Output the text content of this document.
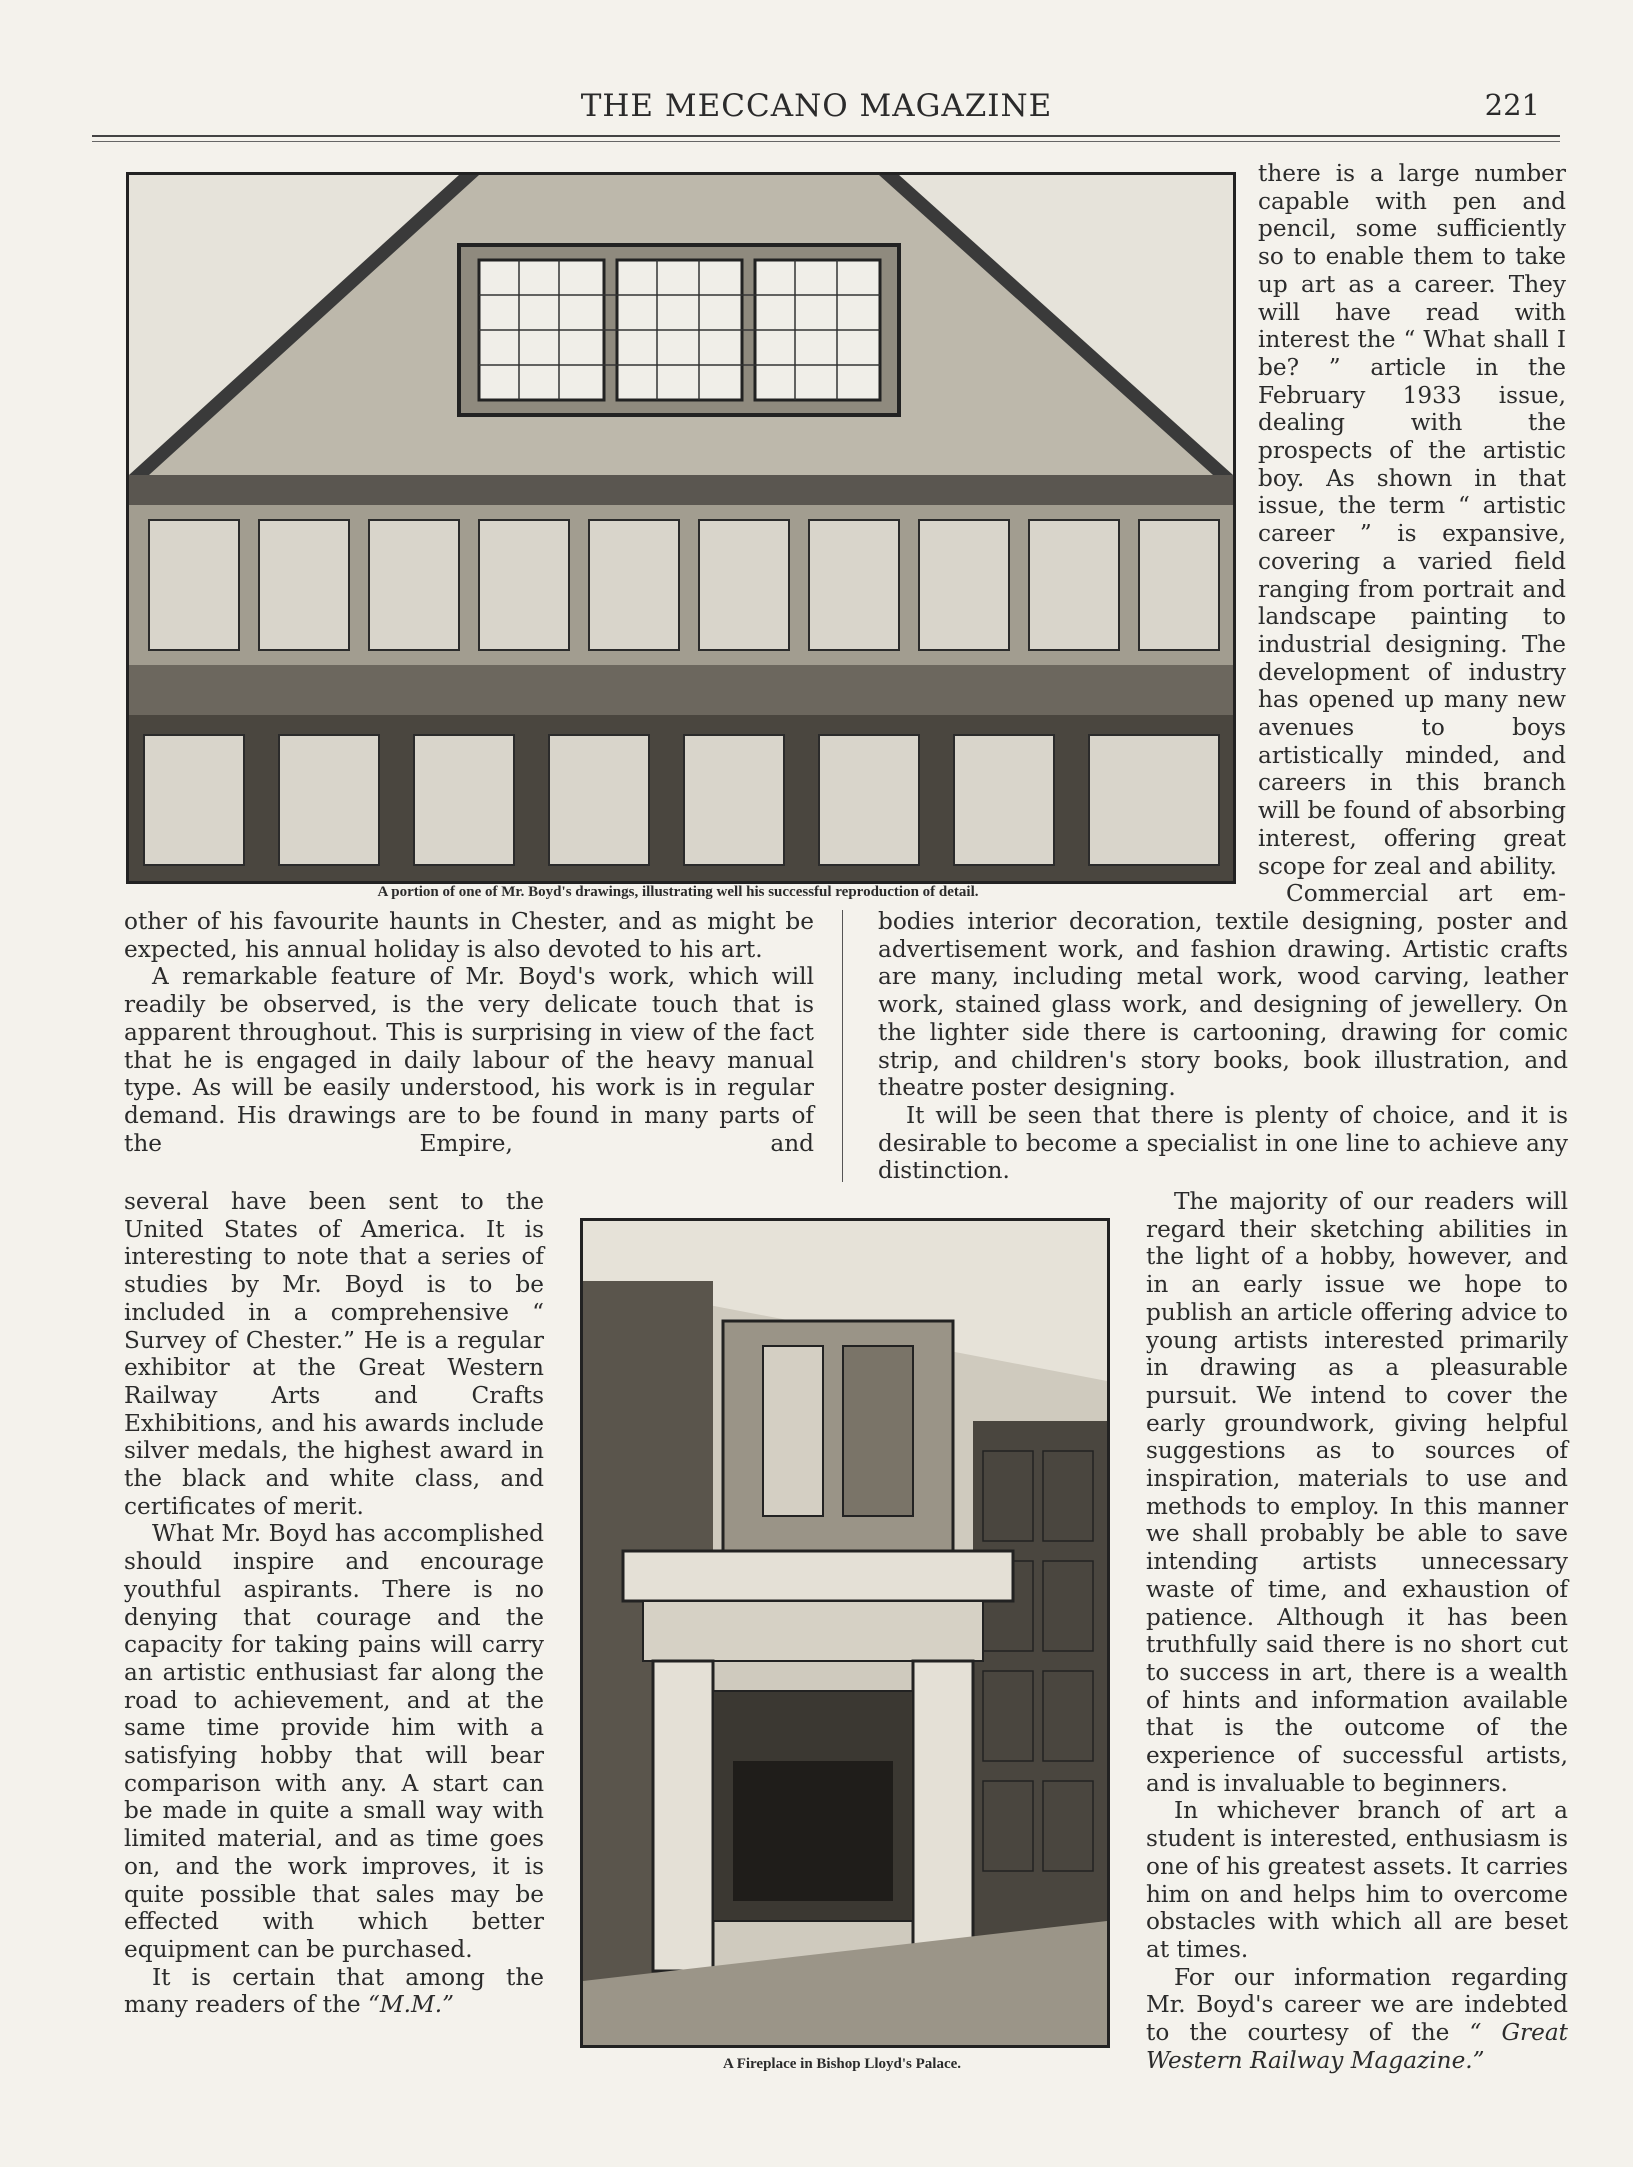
THE MECCANO MAGAZINE	221
A portion of one of Mr. Boyd's drawings, illustrating well his successful reproduction of detail.

there is a large number capable with pen and pencil, some sufficiently so to enable them to take up art as a career. They will have read with interest the “ What shall I be? ” article in the February 1933 issue, dealing with the prospects of the artistic boy. As shown in that issue, the term “ artistic career ” is expansive, covering a varied field ranging from portrait and landscape painting to industrial designing. The development of industry has opened up many new avenues to boys artistically minded, and careers in this branch will be found of absorbing interest, offering great scope for zeal and ability.

Commercial art em-

other of his favourite haunts in Chester, and as might be expected, his annual holiday is also devoted to his art.

A remarkable feature of Mr. Boyd's work, which will readily be observed, is the very delicate touch that is apparent throughout. This is surprising in view of the fact that he is engaged in daily labour of the heavy manual type. As will be easily understood, his work is in regular demand. His drawings are to be found in many parts of the Empire, and

bodies interior decoration, textile designing, poster and advertisement work, and fashion drawing. Artistic crafts are many, including metal work, wood carving, leather work, stained glass work, and designing of jewellery. On the lighter side there is cartooning, drawing for comic strip, and children's story books, book illustration, and theatre poster designing.

It will be seen that there is plenty of choice, and it is desirable to become a specialist in one line to achieve any distinction.

several have been sent to the United States of America. It is interesting to note that a series of studies by Mr. Boyd is to be included in a comprehensive “ Survey of Chester.” He is a regular exhibitor at the Great Western Railway Arts and Crafts Exhibitions, and his awards include silver medals, the highest award in the black and white class, and certificates of merit.

What Mr. Boyd has accomplished should inspire and encourage youthful aspirants. There is no denying that courage and the capacity for taking pains will carry an artistic enthusiast far along the road to achievement, and at the same time provide him with a satisfying hobby that will bear comparison with any. A start can be made in quite a small way with limited material, and as time goes on, and the work improves, it is quite possible that sales may be effected with which better equipment can be purchased.

It is certain that among the many readers of the “M.M.”

A Fireplace in Bishop Lloyd's Palace.

The majority of our readers will regard their sketching abilities in the light of a hobby, however, and in an early issue we hope to publish an article offering advice to young artists interested primarily in drawing as a pleasurable pursuit. We intend to cover the early groundwork, giving helpful suggestions as to sources of inspiration, materials to use and methods to employ. In this manner we shall probably be able to save intending artists unnecessary waste of time, and exhaustion of patience. Although it has been truthfully said there is no short cut to success in art, there is a wealth of hints and information available that is the outcome of the experience of successful artists, and is invaluable to beginners.

In whichever branch of art a student is interested, enthusiasm is one of his greatest assets. It carries him on and helps him to overcome obstacles with which all are beset at times.

For our information regarding Mr. Boyd's career we are indebted to the courtesy of the “ Great Western Railway Magazine.”
